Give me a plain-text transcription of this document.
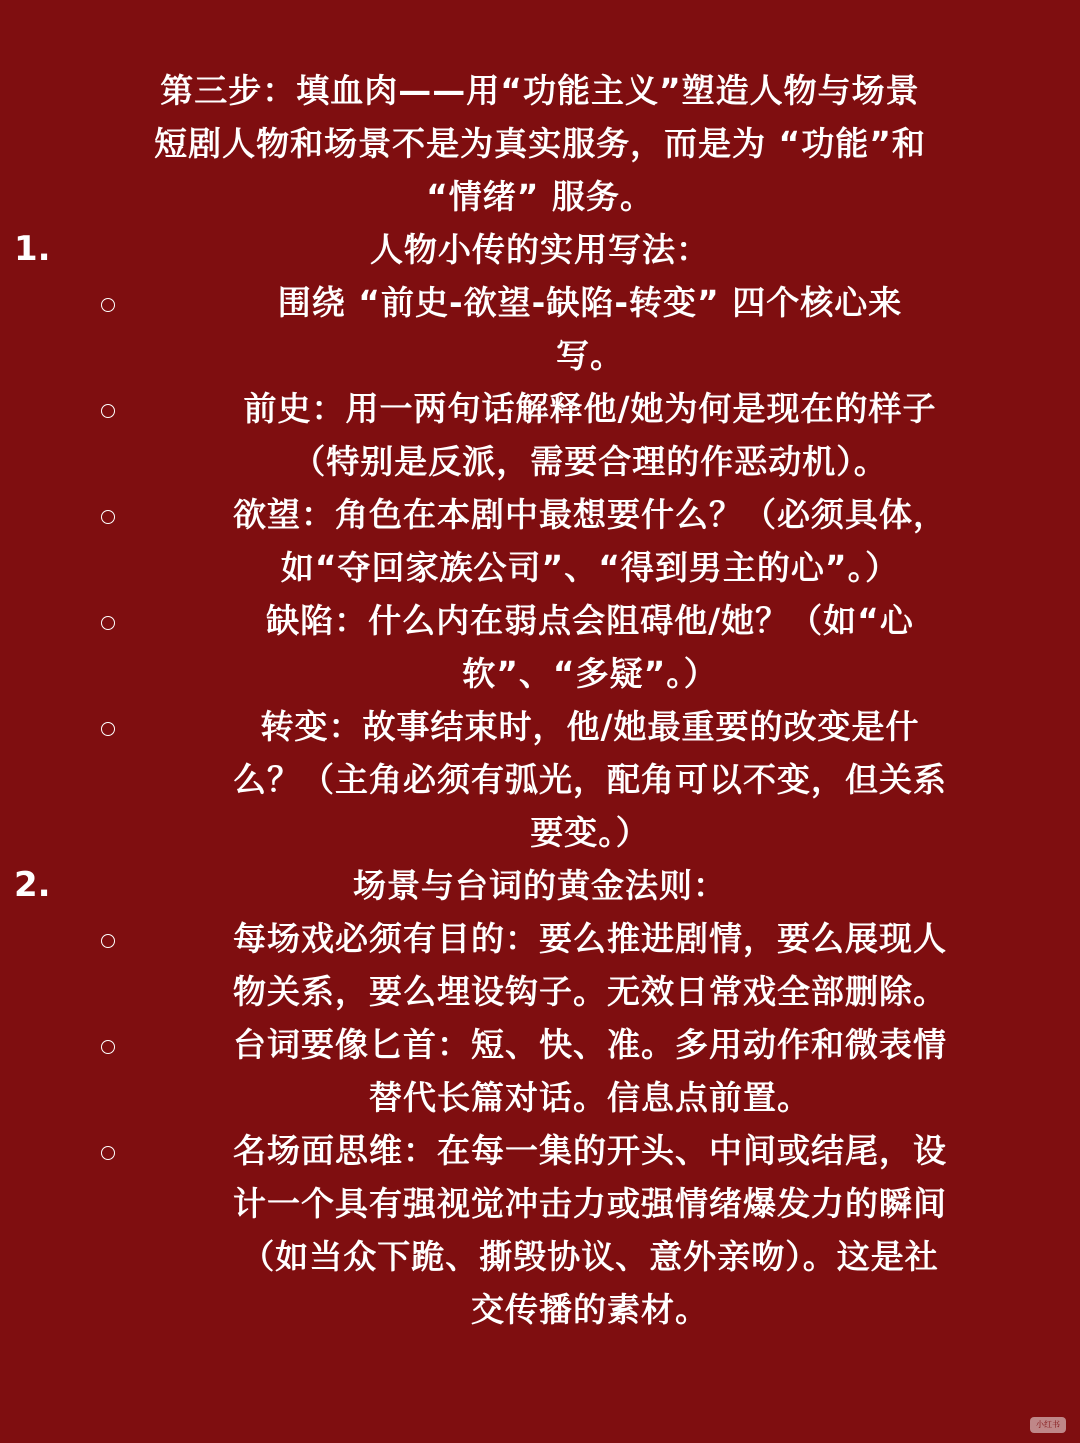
第三步：填血肉——用“功能主义”塑造人物与场景
短剧人物和场景不是为真实服务，而是为 “功能”和
“情绪” 服务。
1.	人物小传的实用写法：
围绕 “前史-欲望-缺陷-转变” 四个核心来
写。
前史：用一两句话解释他/她为何是现在的样子
（特别是反派，需要合理的作恶动机）。
欲望：角色在本剧中最想要什么？（必须具体，
如“夺回家族公司”、“得到男主的心”。）
缺陷：什么内在弱点会阻碍他/她？（如“心
软”、“多疑”。）
转变：故事结束时，他/她最重要的改变是什
么？（主角必须有弧光，配角可以不变，但关系
要变。）
2.	场景与台词的黄金法则：
每场戏必须有目的：要么推进剧情，要么展现人
物关系，要么埋设钩子。无效日常戏全部删除。
台词要像匕首：短、快、准。多用动作和微表情
替代长篇对话。信息点前置。
名场面思维：在每一集的开头、中间或结尾，设
计一个具有强视觉冲击力或强情绪爆发力的瞬间
（如当众下跪、撕毁协议、意外亲吻）。这是社
交传播的素材。
小红书
